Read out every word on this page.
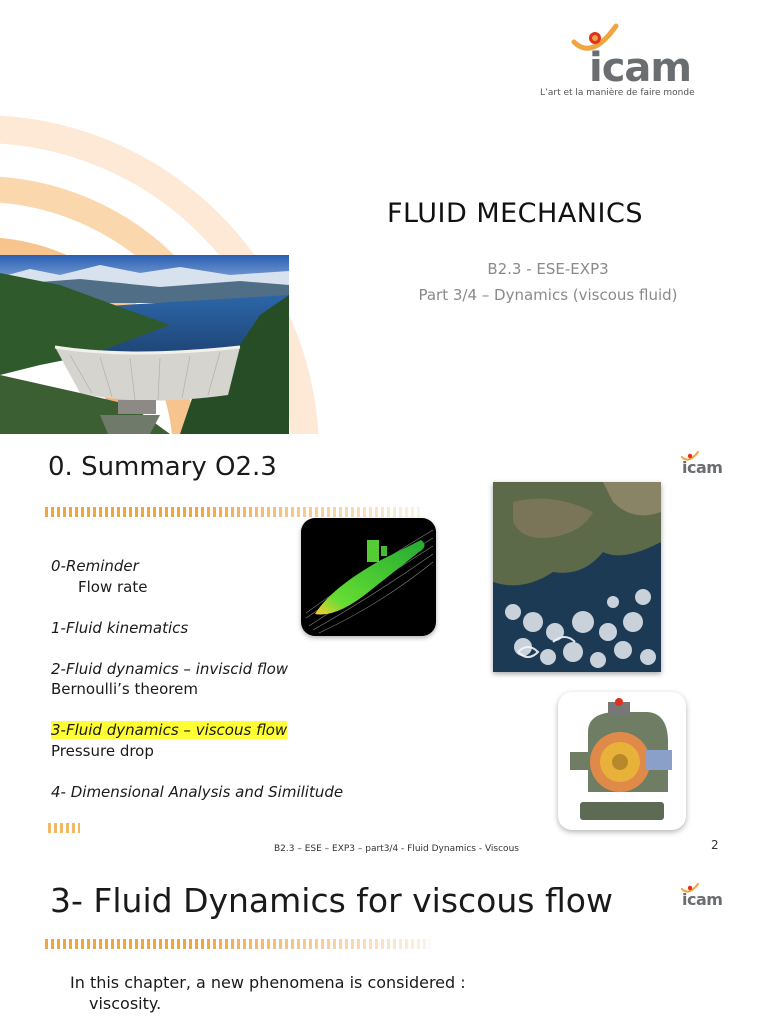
icam
L’art et la manière de faire monde
FLUID MECHANICS
B2.3 - ESE-EXP3
Part 3/4 – Dynamics (viscous fluid)
0. Summary O2.3	icam
0-Reminder
Flow rate
1-Fluid kinematics
2-Fluid dynamics – inviscid flow
Bernoulli’s theorem
3-Fluid dynamics – viscous flow
Pressure drop
4- Dimensional Analysis and Similitude
B2.3 – ESE – EXP3 – part3/4 - Fluid Dynamics - Viscous	2
3- Fluid Dynamics for viscous flow	icam
In this chapter, a new phenomena is considered :
viscosity.
